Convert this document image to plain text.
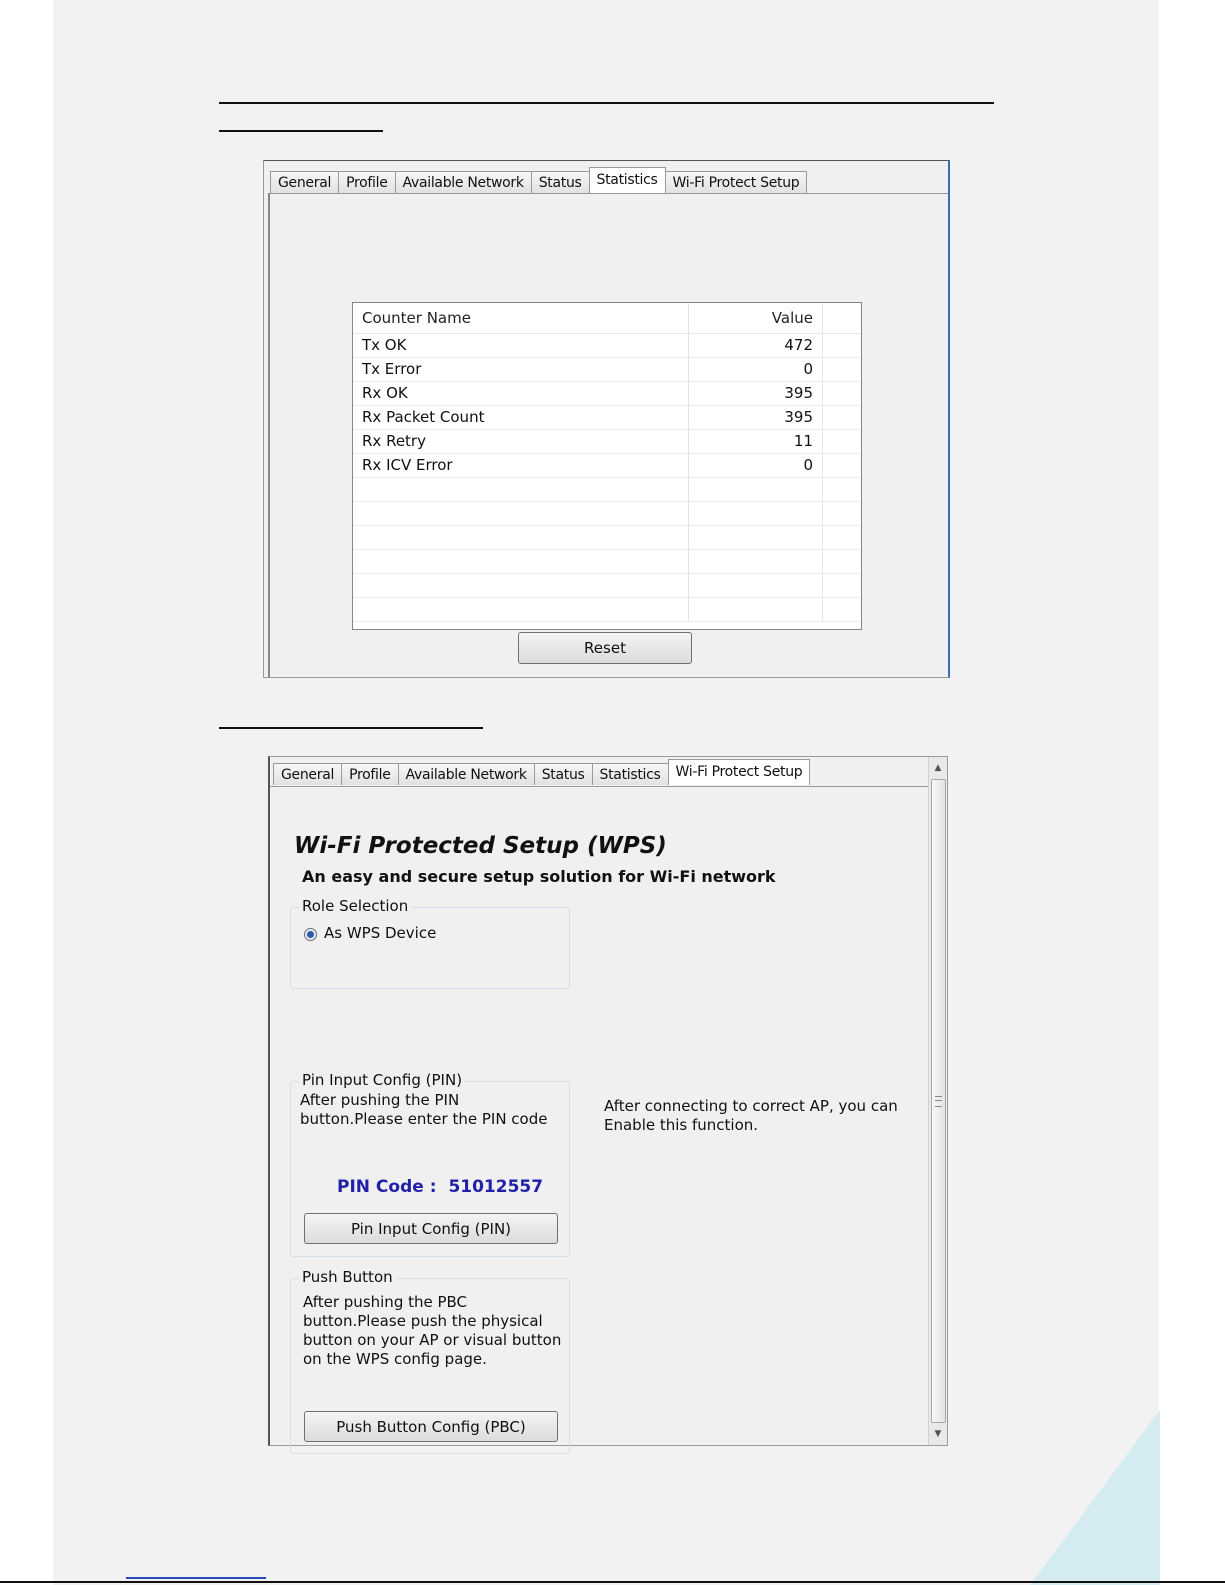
General	Profile	Available Network	Status	Statistics	Wi-Fi Protect Setup
Counter Name	Value
Tx OK	472
Tx Error	0
Rx OK	395
Rx Packet Count	395
Rx Retry	11
Rx ICV Error	0
Reset
General	Profile	Available Network	Status	Statistics	Wi-Fi Protect Setup
Wi-Fi Protected Setup (WPS)
An easy and secure setup solution for Wi-Fi network
Role Selection
As WPS Device
Pin Input Config (PIN)
After pushing the PIN button.Please enter the PIN code
PIN Code : 51012557
Pin Input Config (PIN)
After connecting to correct AP, you can Enable this function.
Push Button
After pushing the PBC button.Please push the physical button on your AP or visual button on the WPS config page.
Push Button Config (PBC)
▲
▼
